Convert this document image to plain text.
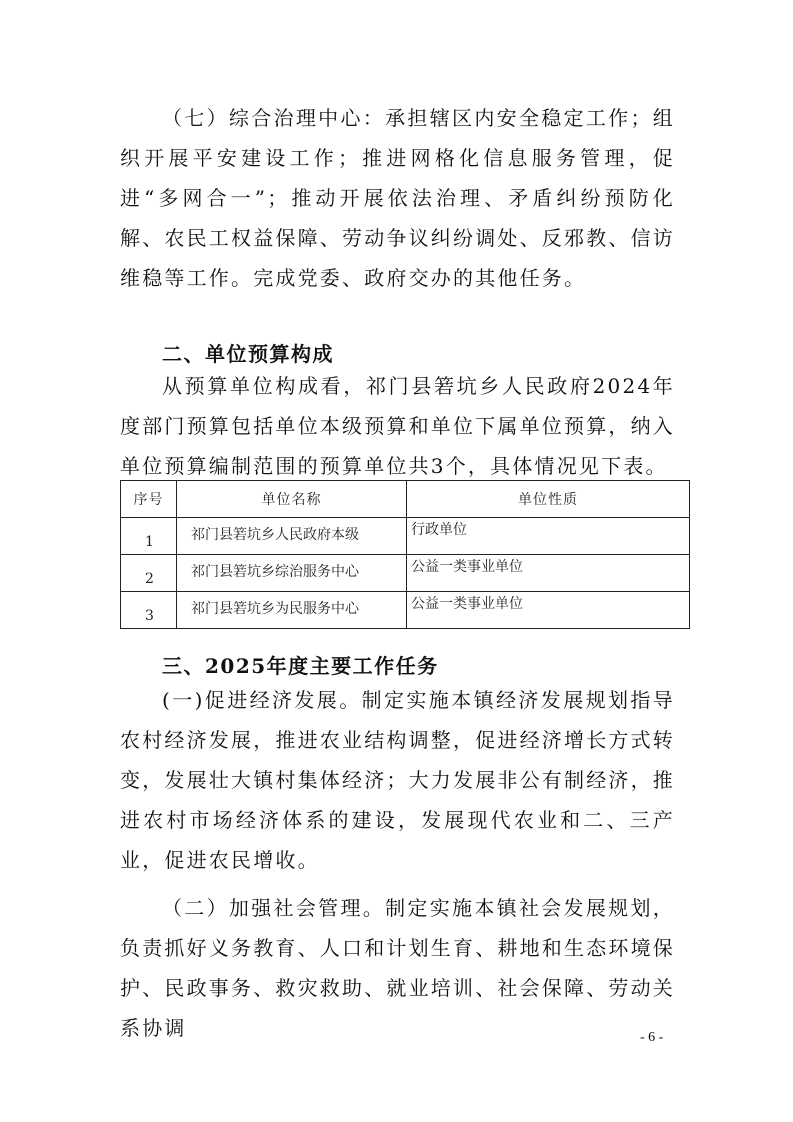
（七）综合治理中心：承担辖区内安全稳定工作；组织开展平安建设工作；推进网格化信息服务管理，促进“多网合一”；推动开展依法治理、矛盾纠纷预防化解、农民工权益保障、劳动争议纠纷调处、反邪教、信访维稳等工作。完成党委、政府交办的其他任务。

二、单位预算构成

从预算单位构成看，祁门县箬坑乡人民政府2024年度部门预算包括单位本级预算和单位下属单位预算，纳入单位预算编制范围的预算单位共3个，具体情况见下表。

序号	单位名称	单位性质

1	祁门县箬坑乡人民政府本级	行政单位

2	祁门县箬坑乡综治服务中心	公益一类事业单位

3	祁门县箬坑乡为民服务中心	公益一类事业单位
三、2025年度主要工作任务

(一)促进经济发展。制定实施本镇经济发展规划指导农村经济发展，推进农业结构调整，促进经济增长方式转变，发展壮大镇村集体经济；大力发展非公有制经济，推进农村市场经济体系的建设，发展现代农业和二、三产业，促进农民增收。

（二）加强社会管理。制定实施本镇社会发展规划，负责抓好义务教育、人口和计划生育、耕地和生态环境保护、民政事务、救灾救助、就业培训、社会保障、劳动关系协调	- 6 -
